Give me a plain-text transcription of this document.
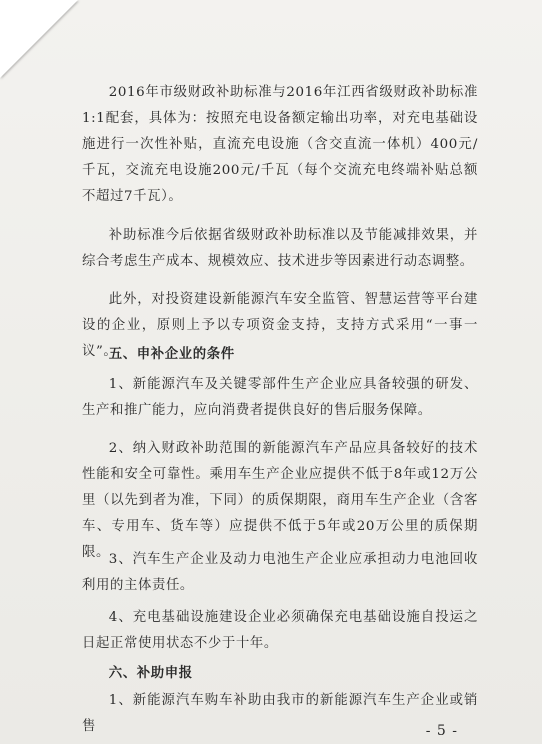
2016年市级财政补助标准与2016年江西省级财政补助标准1:1配套，具体为：按照充电设备额定输出功率，对充电基础设施进行一次性补贴，直流充电设施（含交直流一体机）400元/千瓦，交流充电设施200元/千瓦（每个交流充电终端补贴总额不超过7千瓦）。

补助标准今后依据省级财政补助标准以及节能减排效果，并综合考虑生产成本、规模效应、技术进步等因素进行动态调整。

此外，对投资建设新能源汽车安全监管、智慧运营等平台建设的企业，原则上予以专项资金支持，支持方式采用“一事一议”。

五、申补企业的条件

1、新能源汽车及关键零部件生产企业应具备较强的研发、生产和推广能力，应向消费者提供良好的售后服务保障。

2、纳入财政补助范围的新能源汽车产品应具备较好的技术性能和安全可靠性。乘用车生产企业应提供不低于8年或12万公里（以先到者为准，下同）的质保期限，商用车生产企业（含客车、专用车、货车等）应提供不低于5年或20万公里的质保期限。

3、汽车生产企业及动力电池生产企业应承担动力电池回收利用的主体责任。

4、充电基础设施建设企业必须确保充电基础设施自投运之日起正常使用状态不少于十年。

六、补助申报

1、新能源汽车购车补助由我市的新能源汽车生产企业或销售	- 5 -
